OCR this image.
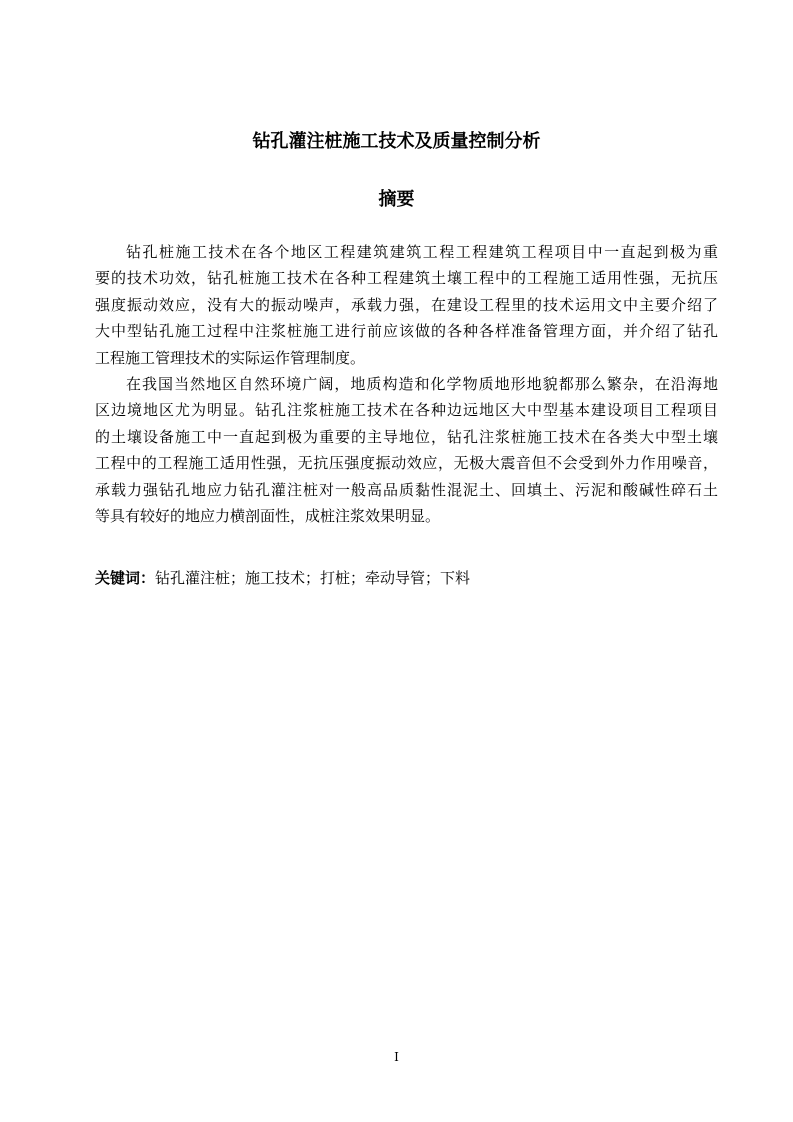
钻孔灌注桩施工技术及质量控制分析
摘要
钻孔桩施工技术在各个地区工程建筑建筑工程工程建筑工程项目中一直起到极为重
要的技术功效，钻孔桩施工技术在各种工程建筑土壤工程中的工程施工适用性强，无抗压
强度振动效应，没有大的振动噪声，承载力强，在建设工程里的技术运用文中主要介绍了
大中型钻孔施工过程中注浆桩施工进行前应该做的各种各样准备管理方面，并介绍了钻孔
工程施工管理技术的实际运作管理制度。
在我国当然地区自然环境广阔，地质构造和化学物质地形地貌都那么繁杂，在沿海地
区边境地区尤为明显。钻孔注浆桩施工技术在各种边远地区大中型基本建设项目工程项目
的土壤设备施工中一直起到极为重要的主导地位，钻孔注浆桩施工技术在各类大中型土壤
工程中的工程施工适用性强，无抗压强度振动效应，无极大震音但不会受到外力作用噪音，
承载力强钻孔地应力钻孔灌注桩对一般高品质黏性混泥土、回填土、污泥和酸碱性碎石土
等具有较好的地应力横剖面性，成桩注浆效果明显。
关键词：钻孔灌注桩；施工技术；打桩；牵动导管；下料
I
